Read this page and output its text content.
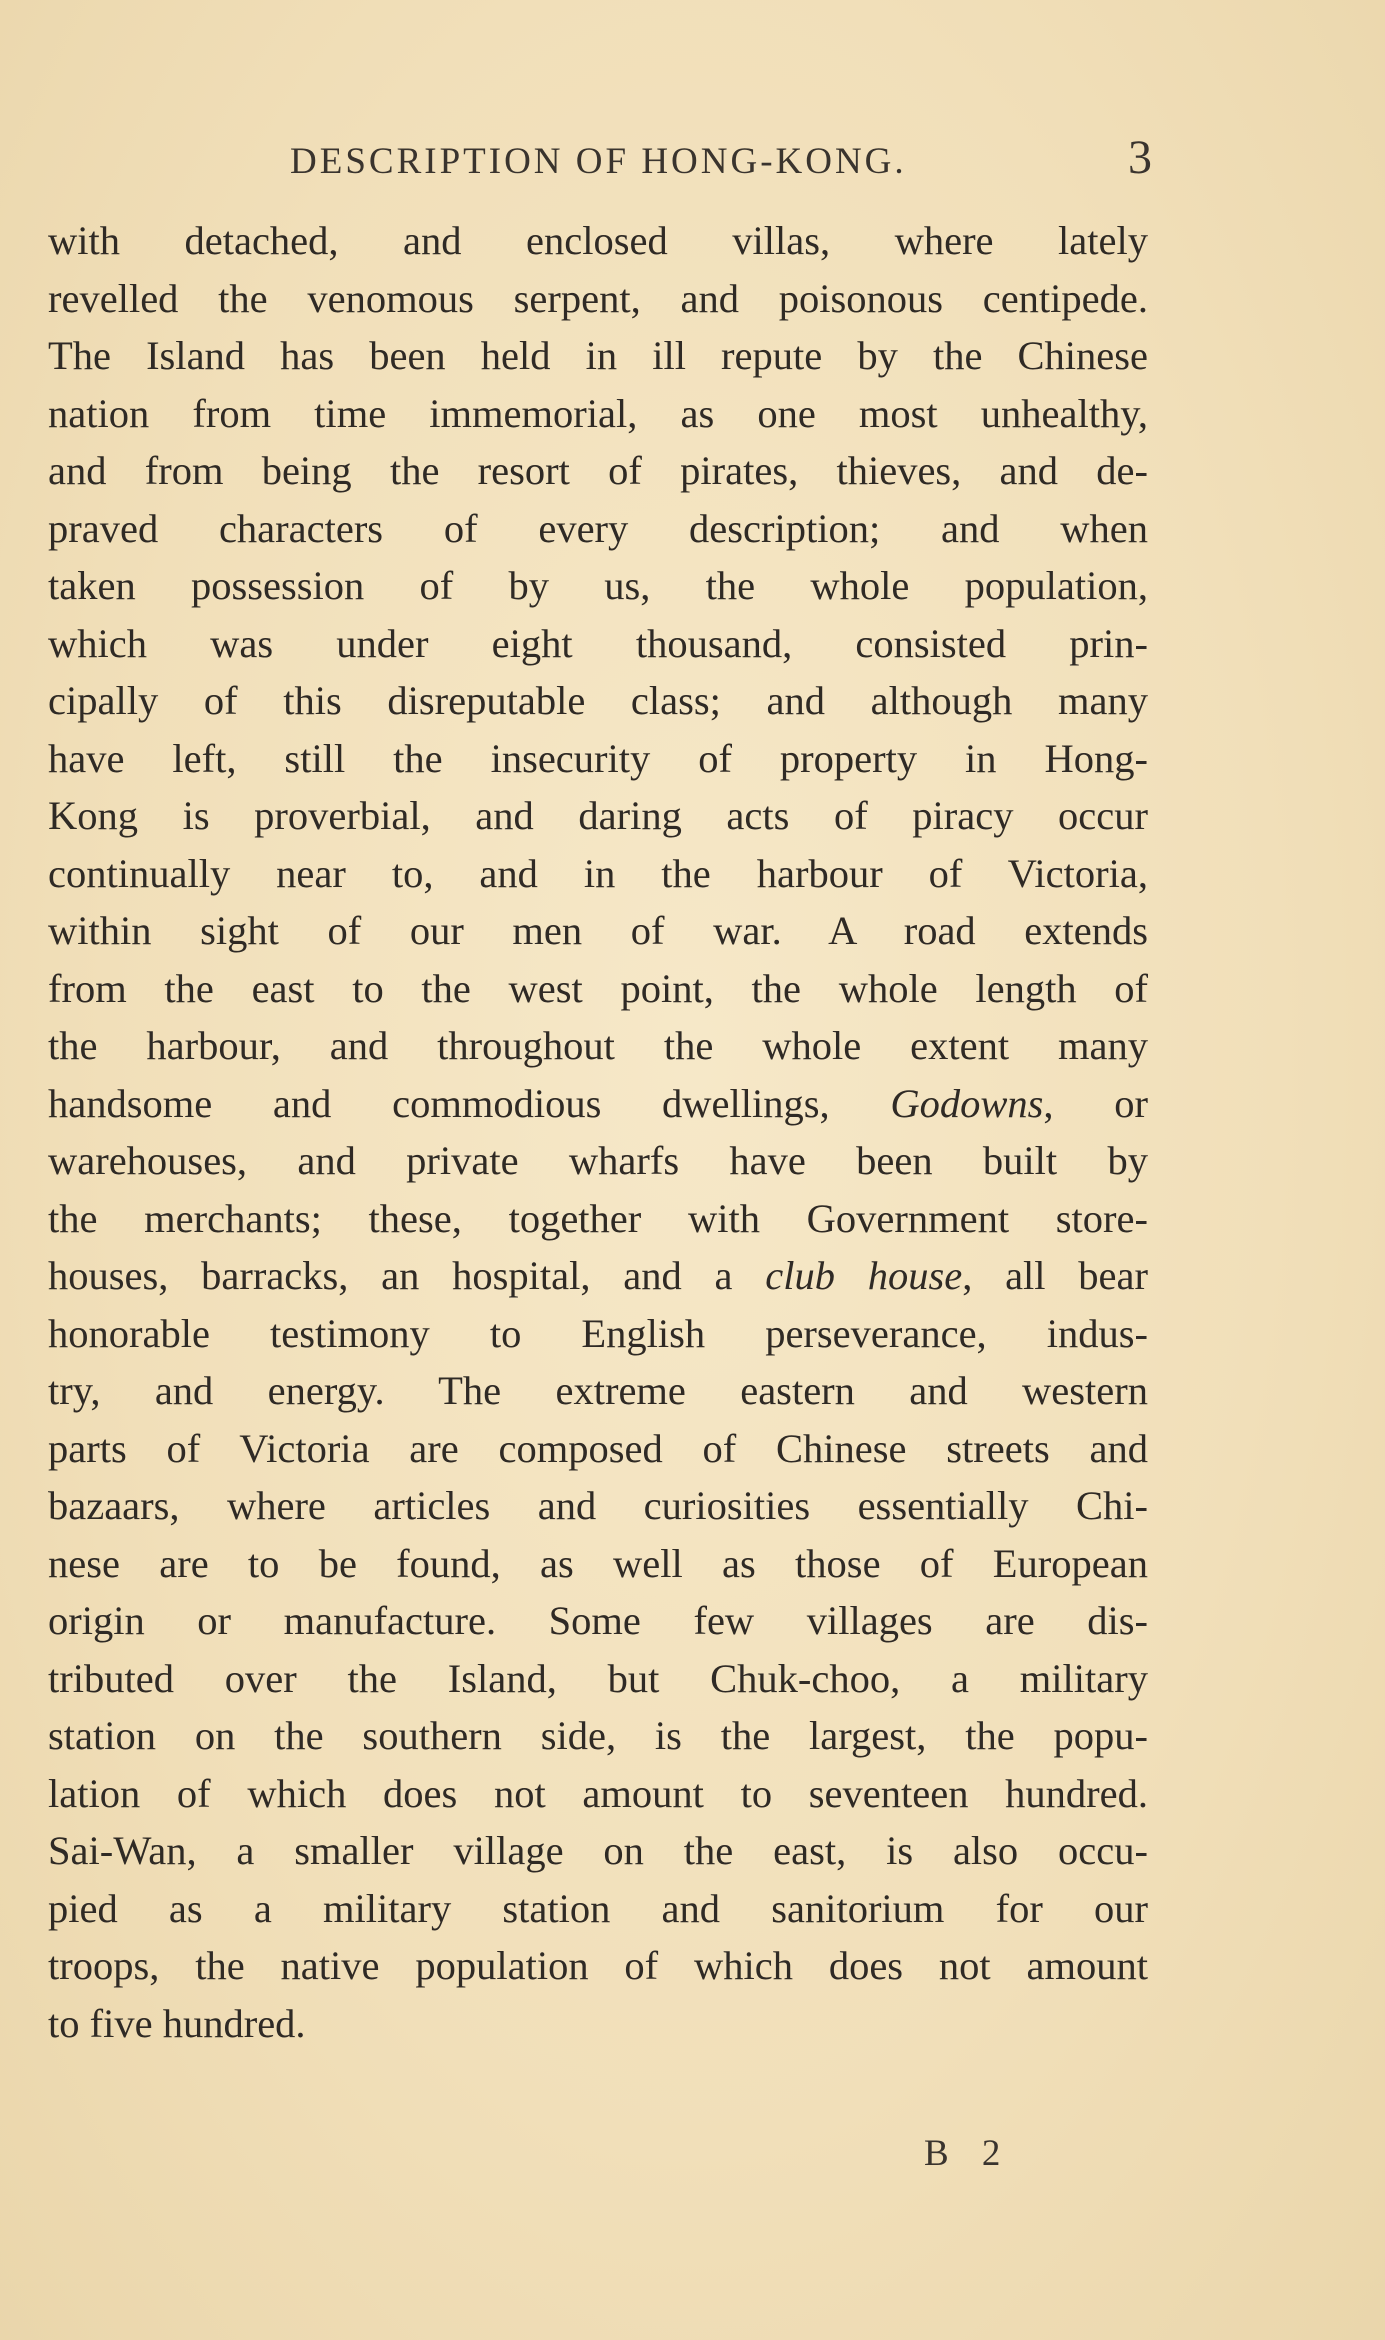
DESCRIPTION OF HONG-KONG.	3
with detached, and enclosed villas, where lately
revelled the venomous serpent, and poisonous centipede.
The Island has been held in ill repute by the Chinese
nation from time immemorial, as one most unhealthy,
and from being the resort of pirates, thieves, and de-
praved characters of every description; and when
taken possession of by us, the whole population,
which was under eight thousand, consisted prin-
cipally of this disreputable class; and although many
have left, still the insecurity of property in Hong-
Kong is proverbial, and daring acts of piracy occur
continually near to, and in the harbour of Victoria,
within sight of our men of war. A road extends
from the east to the west point, the whole length of
the harbour, and throughout the whole extent many
handsome and commodious dwellings, Godowns, or
warehouses, and private wharfs have been built by
the merchants; these, together with Government store-
houses, barracks, an hospital, and a club house, all bear
honorable testimony to English perseverance, indus-
try, and energy. The extreme eastern and western
parts of Victoria are composed of Chinese streets and
bazaars, where articles and curiosities essentially Chi-
nese are to be found, as well as those of European
origin or manufacture. Some few villages are dis-
tributed over the Island, but Chuk-choo, a military
station on the southern side, is the largest, the popu-
lation of which does not amount to seventeen hundred.
Sai-Wan, a smaller village on the east, is also occu-
pied as a military station and sanitorium for our
troops, the native population of which does not amount
to five hundred.
B 2
